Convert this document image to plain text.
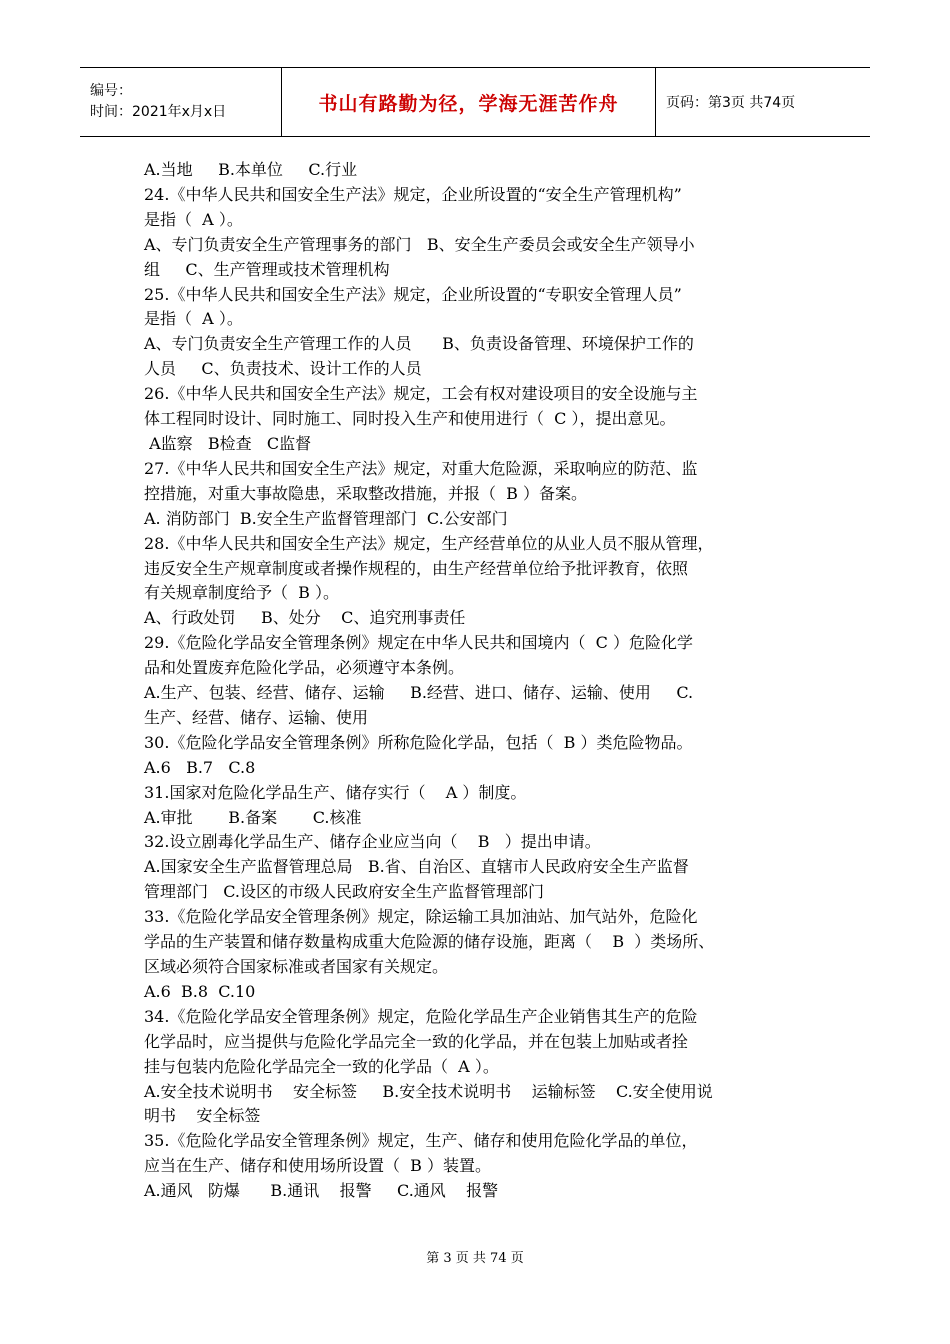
编号：
时间：2021年x月x日	书山有路勤为径，学海无涯苦作舟	页码：第3页 共74页
A.当地     B.本单位     C.行业
24.《中华人民共和国安全生产法》规定，企业所设置的“安全生产管理机构”
是指（  A ）。
A、专门负责安全生产管理事务的部门   B、安全生产委员会或安全生产领导小
组     C、生产管理或技术管理机构
25.《中华人民共和国安全生产法》规定，企业所设置的“专职安全管理人员”
是指（  A ）。
A、专门负责安全生产管理工作的人员      B、负责设备管理、环境保护工作的
人员     C、负责技术、设计工作的人员
26.《中华人民共和国安全生产法》规定，工会有权对建设项目的安全设施与主
体工程同时设计、同时施工、同时投入生产和使用进行（  C ），提出意见。
A监察   B检查   C监督
27.《中华人民共和国安全生产法》规定，对重大危险源，采取响应的防范、监
控措施，对重大事故隐患，采取整改措施，并报（  B ）备案。
A. 消防部门  B.安全生产监督管理部门  C.公安部门
28.《中华人民共和国安全生产法》规定，生产经营单位的从业人员不服从管理，
违反安全生产规章制度或者操作规程的，由生产经营单位给予批评教育，依照
有关规章制度给予（  B ）。
A、行政处罚     B、处分    C、追究刑事责任
29.《危险化学品安全管理条例》规定在中华人民共和国境内（  C ）危险化学
品和处置废弃危险化学品，必须遵守本条例。
A.生产、包装、经营、储存、运输     B.经营、进口、储存、运输、使用     C.
生产、经营、储存、运输、使用
30.《危险化学品安全管理条例》所称危险化学品，包括（  B ）类危险物品。
A.6   B.7   C.8
31.国家对危险化学品生产、储存实行（    A ）制度。
A.审批       B.备案       C.核准
32.设立剧毒化学品生产、储存企业应当向（    B   ）提出申请。
A.国家安全生产监督管理总局   B.省、自治区、直辖市人民政府安全生产监督
管理部门   C.设区的市级人民政府安全生产监督管理部门
33.《危险化学品安全管理条例》规定，除运输工具加油站、加气站外，危险化
学品的生产装置和储存数量构成重大危险源的储存设施，距离（    B  ）类场所、
区域必须符合国家标准或者国家有关规定。
A.6  B.8  C.10
34.《危险化学品安全管理条例》规定，危险化学品生产企业销售其生产的危险
化学品时，应当提供与危险化学品完全一致的化学品，并在包装上加贴或者拴
挂与包装内危险化学品完全一致的化学品（  A ）。
A.安全技术说明书    安全标签     B.安全技术说明书    运输标签    C.安全使用说
明书    安全标签
35.《危险化学品安全管理条例》规定，生产、储存和使用危险化学品的单位，
应当在生产、储存和使用场所设置（  B ）装置。
A.通风   防爆      B.通讯    报警     C.通风    报警
第 3 页 共 74 页
